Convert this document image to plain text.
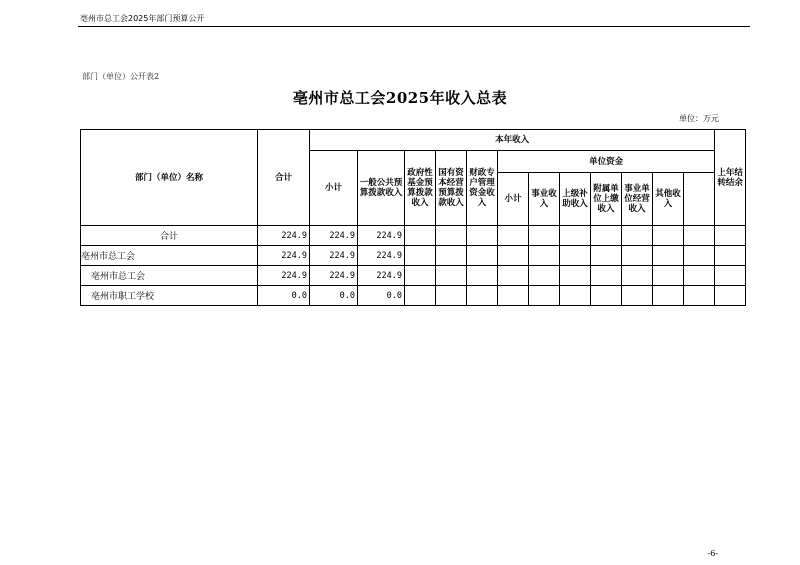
亳州市总工会2025年部门预算公开
部门（单位）公开表2
亳州市总工会2025年收入总表
单位：万元
部门（单位）名称	合计	本年收入												上年结转结余
		小计	一般公共预算拨款收入	政府性基金预算拨款收入	国有资本经营预算拨款收入	财政专户管理资金收入	单位资金							
							小计	事业收入	上级补助收入	附属单位上缴收入	事业单位经营收入	其他收入		
合计	224.9	224.9	224.9											
亳州市总工会	224.9	224.9	224.9											
亳州市总工会	224.9	224.9	224.9											
亳州市职工学校	0.0	0.0	0.0											
-6-
